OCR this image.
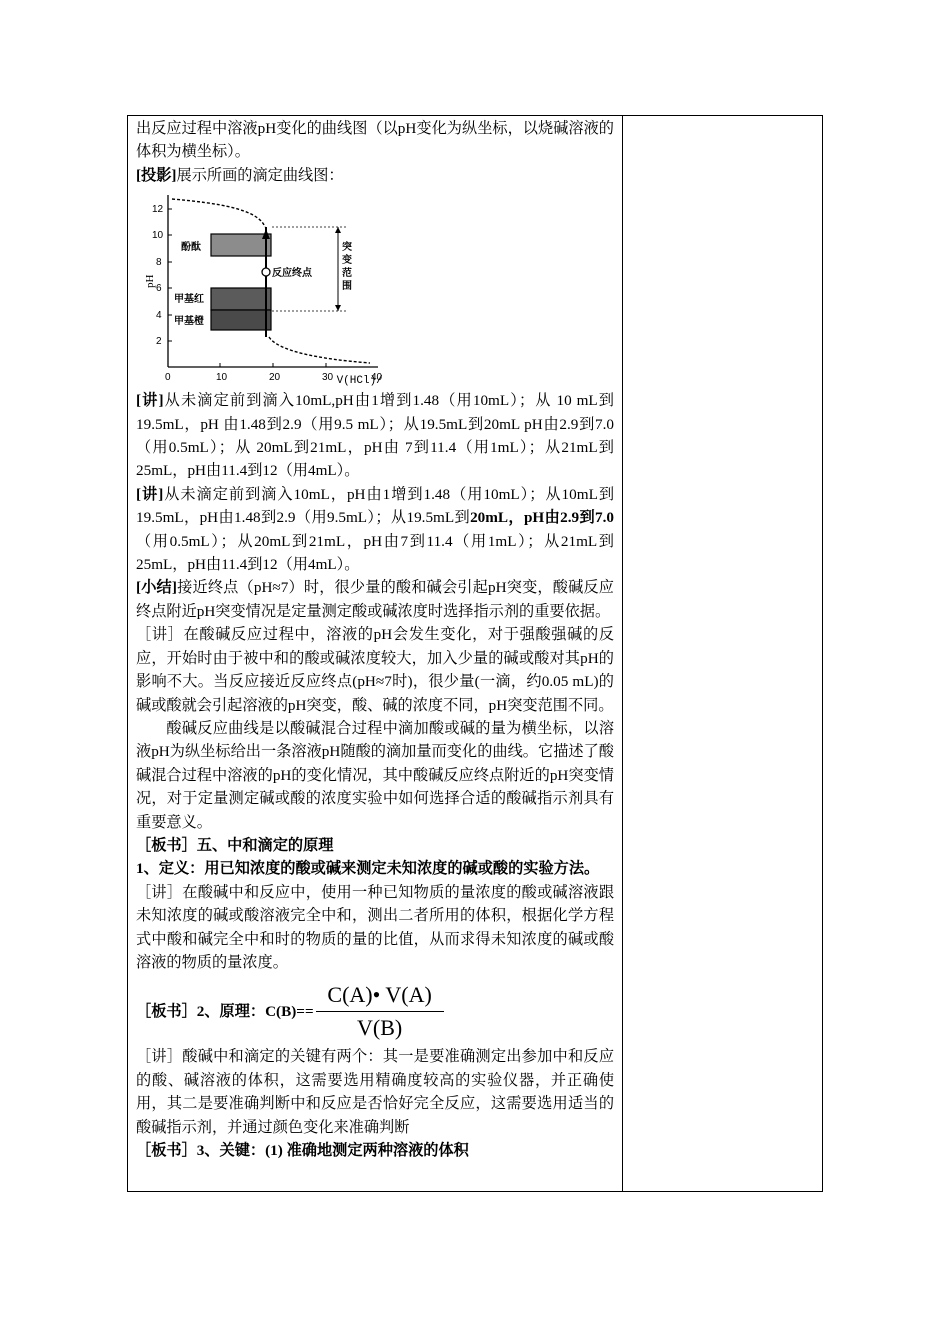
出反应过程中溶液pH变化的曲线图（以pH变化为纵坐标，以烧碱溶液的体积为横坐标）。

[投影]展示所画的滴定曲线图：

2
4
6
8
10
12
0	10	20	30	40
pH
V(HCl)/
酚酞
甲基红
甲基橙
反应终点
突
变
范
围

[讲]从未滴定前到滴入10mL,pH由1增到1.48（用10mL）；从 10 mL到19.5mL，pH 由1.48到2.9（用9.5 mL）；从19.5mL到20mL pH由2.9到7.0（用0.5mL）；从 20mL到21mL，pH由 7到11.4（用1mL）；从21mL到25mL，pH由11.4到12（用4mL）。

[讲]从未滴定前到滴入10mL，pH由1增到1.48（用10mL）；从10mL到19.5mL，pH由1.48到2.9（用9.5mL）；从19.5mL到20mL，pH由2.9到7.0（用0.5mL）；从20mL到21mL，pH由7到11.4（用1mL）；从21mL到25mL，pH由11.4到12（用4mL）。

[小结]接近终点（pH≈7）时，很少量的酸和碱会引起pH突变，酸碱反应终点附近pH突变情况是定量测定酸或碱浓度时选择指示剂的重要依据。

［讲］在酸碱反应过程中，溶液的pH会发生变化，对于强酸强碱的反应，开始时由于被中和的酸或碱浓度较大，加入少量的碱或酸对其pH的影响不大。当反应接近反应终点(pH≈7时)，很少量(一滴，约0.05 mL)的碱或酸就会引起溶液的pH突变，酸、碱的浓度不同，pH突变范围不同。

酸碱反应曲线是以酸碱混合过程中滴加酸或碱的量为横坐标，以溶液pH为纵坐标给出一条溶液pH随酸的滴加量而变化的曲线。它描述了酸碱混合过程中溶液的pH的变化情况，其中酸碱反应终点附近的pH突变情况，对于定量测定碱或酸的浓度实验中如何选择合适的酸碱指示剂具有重要意义。

［板书］五、中和滴定的原理

1、定义：用已知浓度的酸或碱来测定未知浓度的碱或酸的实验方法。

［讲］在酸碱中和反应中，使用一种已知物质的量浓度的酸或碱溶液跟未知浓度的碱或酸溶液完全中和，测出二者所用的体积，根据化学方程式中酸和碱完全中和时的物质的量的比值，从而求得未知浓度的碱或酸溶液的物质的量浓度。

［板书］2、原理：$C(B)== \frac{C(A)• V(A)}{V(B)}$

［讲］酸碱中和滴定的关键有两个：其一是要准确测定出参加中和反应的酸、碱溶液的体积，这需要选用精确度较高的实验仪器，并正确使用，其二是要准确判断中和反应是否恰好完全反应，这需要选用适当的酸碱指示剂，并通过颜色变化来准确判断

［板书］3、关键：(1) 准确地测定两种溶液的体积
